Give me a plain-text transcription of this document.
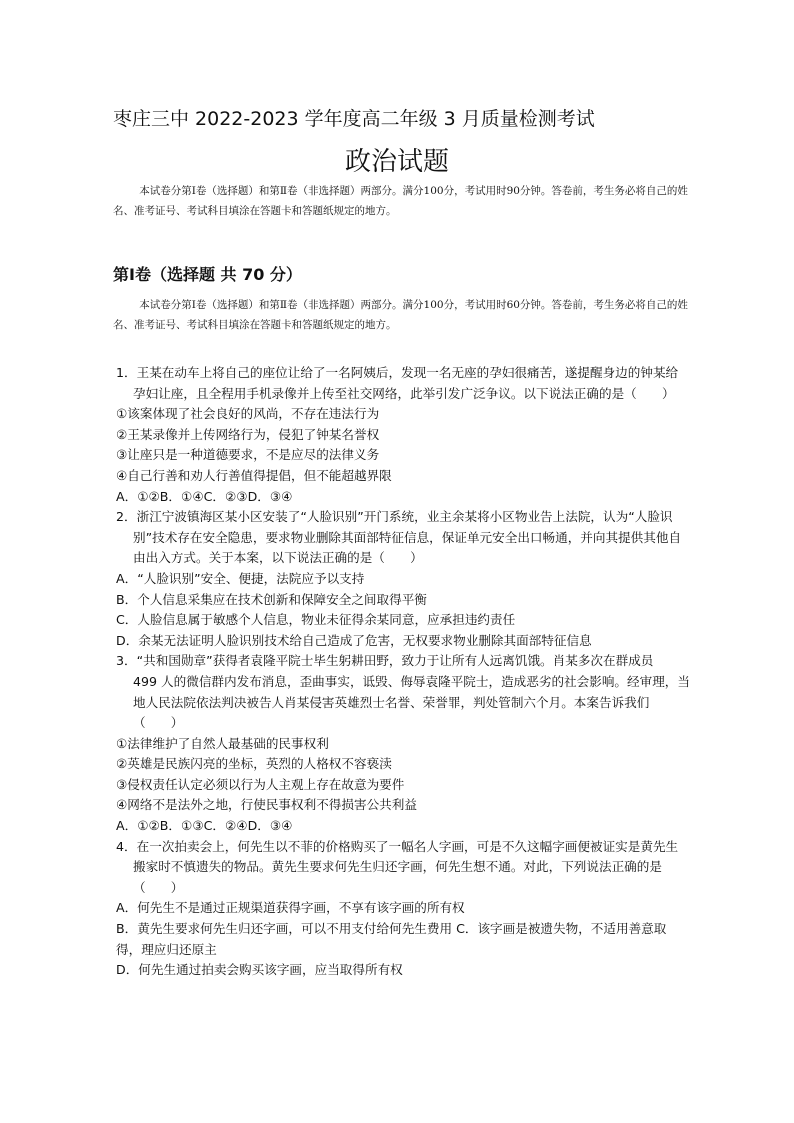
枣庄三中 2022-2023 学年度高二年级 3 月质量检测考试
政治试题
本试卷分第Ⅰ卷（选择题）和第Ⅱ卷（非选择题）两部分。满分100分，考试用时90分钟。答卷前，考生务必将自己的姓名、准考证号、考试科目填涂在答题卡和答题纸规定的地方。
第Ⅰ卷（选择题 共 70 分）
本试卷分第Ⅰ卷（选择题）和第Ⅱ卷（非选择题）两部分。满分100分，考试用时60分钟。答卷前，考生务必将自己的姓名、准考证号、考试科目填涂在答题卡和答题纸规定的地方。
1．王某在动车上将自己的座位让给了一名阿姨后，发现一名无座的孕妇很痛苦，遂提醒身边的钟某给孕妇让座，且全程用手机录像并上传至社交网络，此举引发广泛争议。以下说法正确的是（　　）
①该案体现了社会良好的风尚，不存在违法行为
②王某录像并上传网络行为，侵犯了钟某名誉权
③让座只是一种道德要求，不是应尽的法律义务
④自己行善和劝人行善值得提倡，但不能超越界限
A．①②B．①④C．②③D．③④
2．浙江宁波镇海区某小区安装了“人脸识别”开门系统，业主余某将小区物业告上法院，认为“人脸识别”技术存在安全隐患，要求物业删除其面部特征信息，保证单元安全出口畅通，并向其提供其他自由出入方式。关于本案，以下说法正确的是（　　）
A．“人脸识别”安全、便捷，法院应予以支持
B．个人信息采集应在技术创新和保障安全之间取得平衡
C．人脸信息属于敏感个人信息，物业未征得余某同意，应承担违约责任
D．余某无法证明人脸识别技术给自己造成了危害，无权要求物业删除其面部特征信息
3．“共和国勋章”获得者袁隆平院士毕生躬耕田野，致力于让所有人远离饥饿。肖某多次在群成员　499 人的微信群内发布消息，歪曲事实，诋毁、侮辱袁隆平院士，造成恶劣的社会影响。经审理，当地人民法院依法判决被告人肖某侵害英雄烈士名誉、荣誉罪，判处管制六个月。本案告诉我们（　　）
①法律维护了自然人最基础的民事权利
②英雄是民族闪亮的坐标，英烈的人格权不容亵渎
③侵权责任认定必须以行为人主观上存在故意为要件
④网络不是法外之地，行使民事权利不得损害公共利益
A．①②B．①③C．②④D．③④
4．在一次拍卖会上，何先生以不菲的价格购买了一幅名人字画，可是不久这幅字画便被证实是黄先生搬家时不慎遗失的物品。黄先生要求何先生归还字画，何先生想不通。对此，下列说法正确的是（　　）
A．何先生不是通过正规渠道获得字画，不享有该字画的所有权
B．黄先生要求何先生归还字画，可以不用支付给何先生费用 C．该字画是被遗失物，不适用善意取得，理应归还原主
D．何先生通过拍卖会购买该字画，应当取得所有权
